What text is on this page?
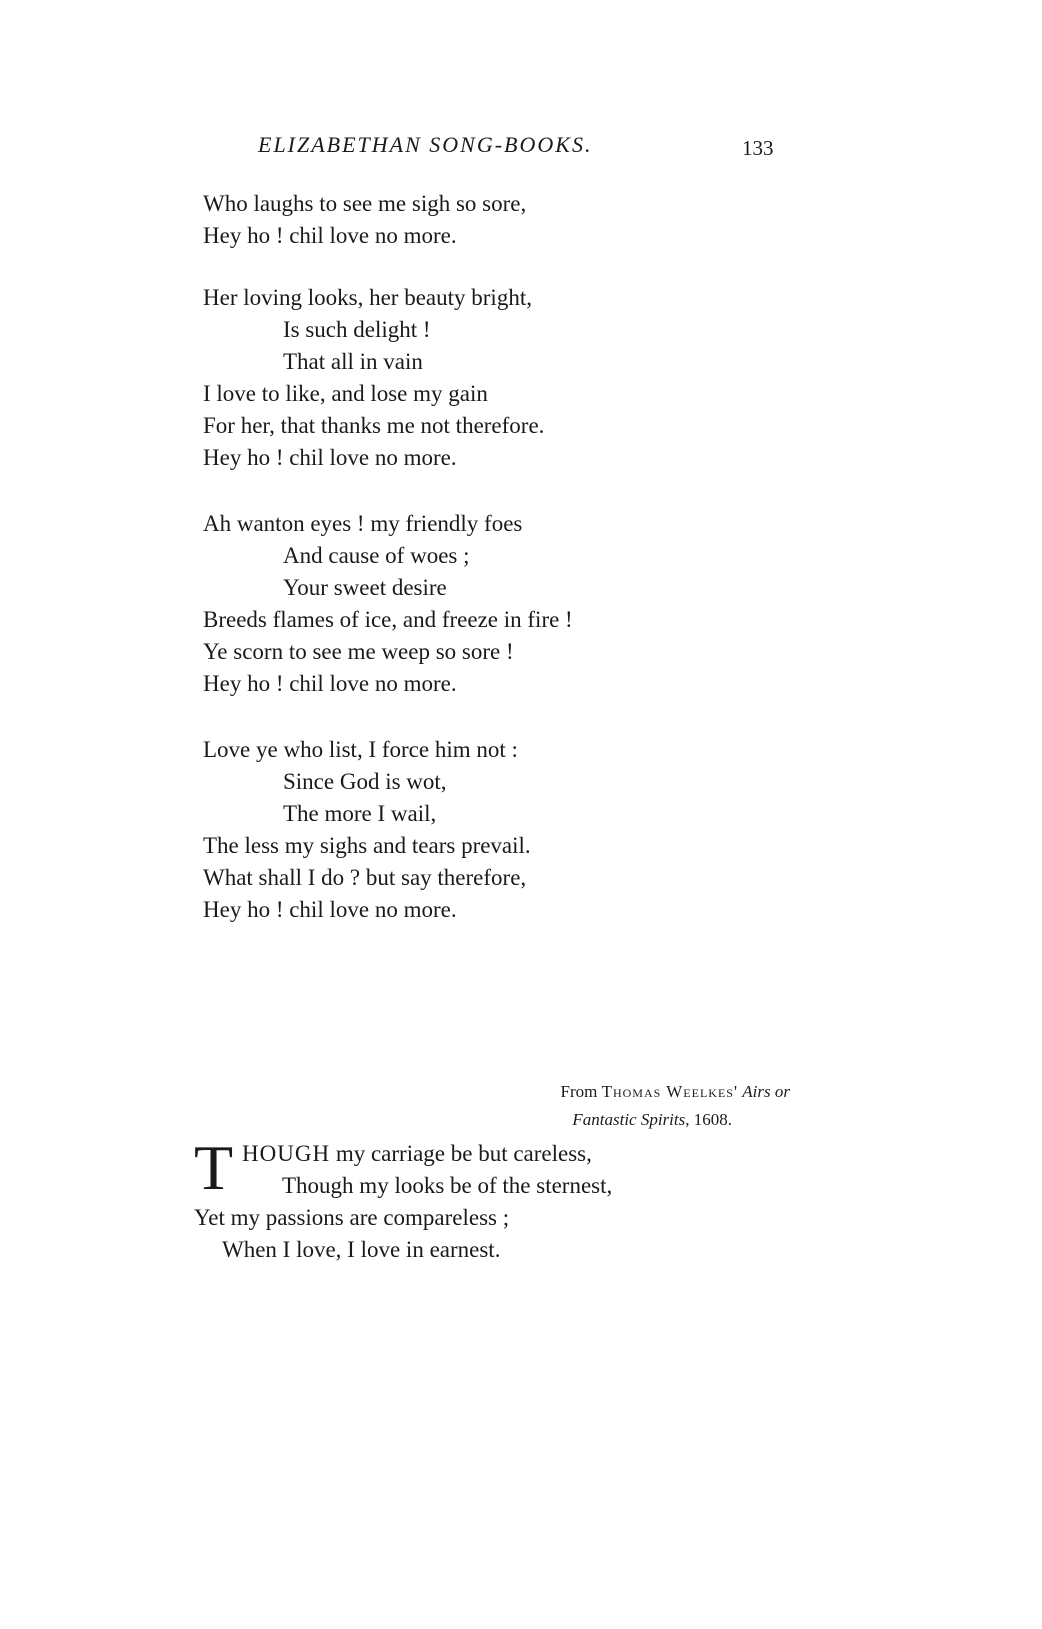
ELIZABETHAN SONG-BOOKS.	133
Who laughs to see me sigh so sore,
Hey ho ! chil love no more.
Her loving looks, her beauty bright,
Is such delight !
That all in vain
I love to like, and lose my gain
For her, that thanks me not therefore.
Hey ho ! chil love no more.
Ah wanton eyes ! my friendly foes
And cause of woes ;
Your sweet desire
Breeds flames of ice, and freeze in fire !
Ye scorn to see me weep so sore !
Hey ho ! chil love no more.
Love ye who list, I force him not :
Since God is wot,
The more I wail,
The less my sighs and tears prevail.
What shall I do ? but say therefore,
Hey ho ! chil love no more.
From Thomas Weelkes' Airs or
Fantastic Spirits, 1608.
T HOUGH my carriage be but careless,
Though my looks be of the sternest,
Yet my passions are compareless ;
When I love, I love in earnest.
